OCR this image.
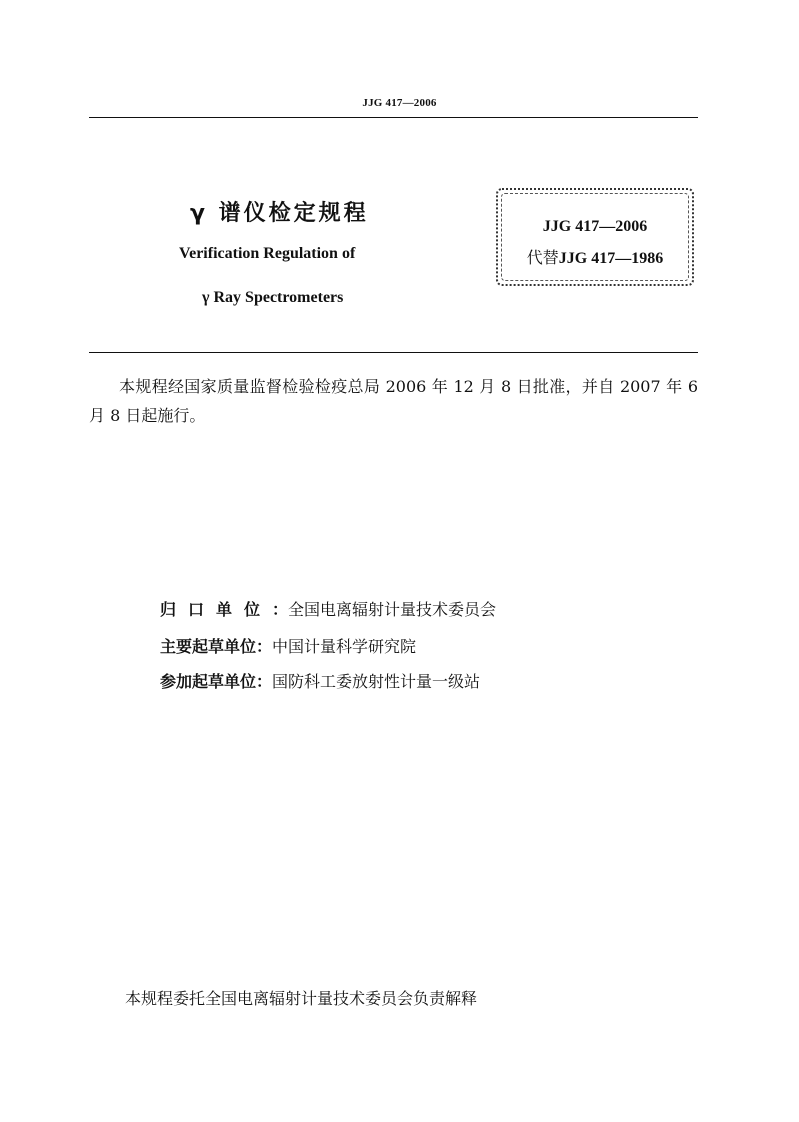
JJG 417—2006
γ 谱仪检定规程
Verification Regulation of
γ Ray Spectrometers
JJG 417—2006
代替JJG 417—1986
本规程经国家质量监督检验检疫总局 2006 年 12 月 8 日批准，并自 2007 年 6 月 8 日起施行。
归口单位：全国电离辐射计量技术委员会
主要起草单位：中国计量科学研究院
参加起草单位：国防科工委放射性计量一级站
本规程委托全国电离辐射计量技术委员会负责解释
